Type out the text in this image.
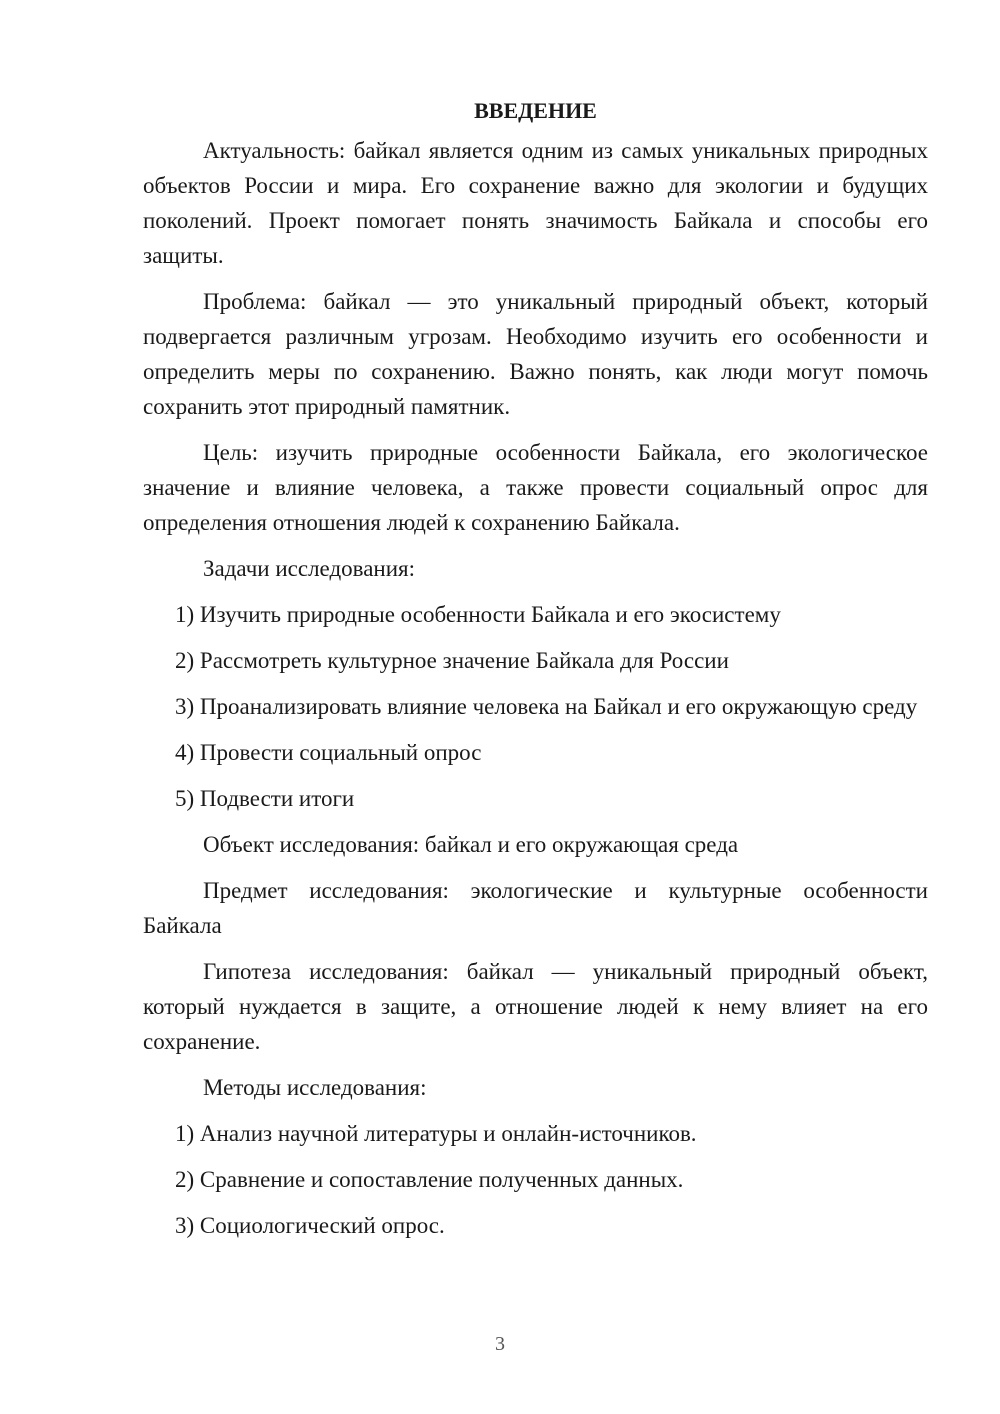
ВВЕДЕНИЕ

Актуальность: байкал является одним из самых уникальных природных объектов России и мира. Его сохранение важно для экологии и будущих поколений. Проект помогает понять значимость Байкала и способы его защиты.

Проблема: байкал — это уникальный природный объект, который подвергается различным угрозам. Необходимо изучить его особенности и определить меры по сохранению. Важно понять, как люди могут помочь сохранить этот природный памятник.

Цель: изучить природные особенности Байкала, его экологическое значение и влияние человека, а также провести социальный опрос для определения отношения людей к сохранению Байкала.

Задачи исследования:

1) Изучить природные особенности Байкала и его экосистему

2) Рассмотреть культурное значение Байкала для России

3) Проанализировать влияние человека на Байкал и его окружающую среду

4) Провести социальный опрос

5) Подвести итоги

Объект исследования: байкал и его окружающая среда

Предмет исследования: экологические и культурные особенности Байкала

Гипотеза исследования: байкал — уникальный природный объект, который нуждается в защите, а отношение людей к нему влияет на его сохранение.

Методы исследования:

1) Анализ научной литературы и онлайн-источников.

2) Сравнение и сопоставление полученных данных.

3) Социологический опрос.

3
